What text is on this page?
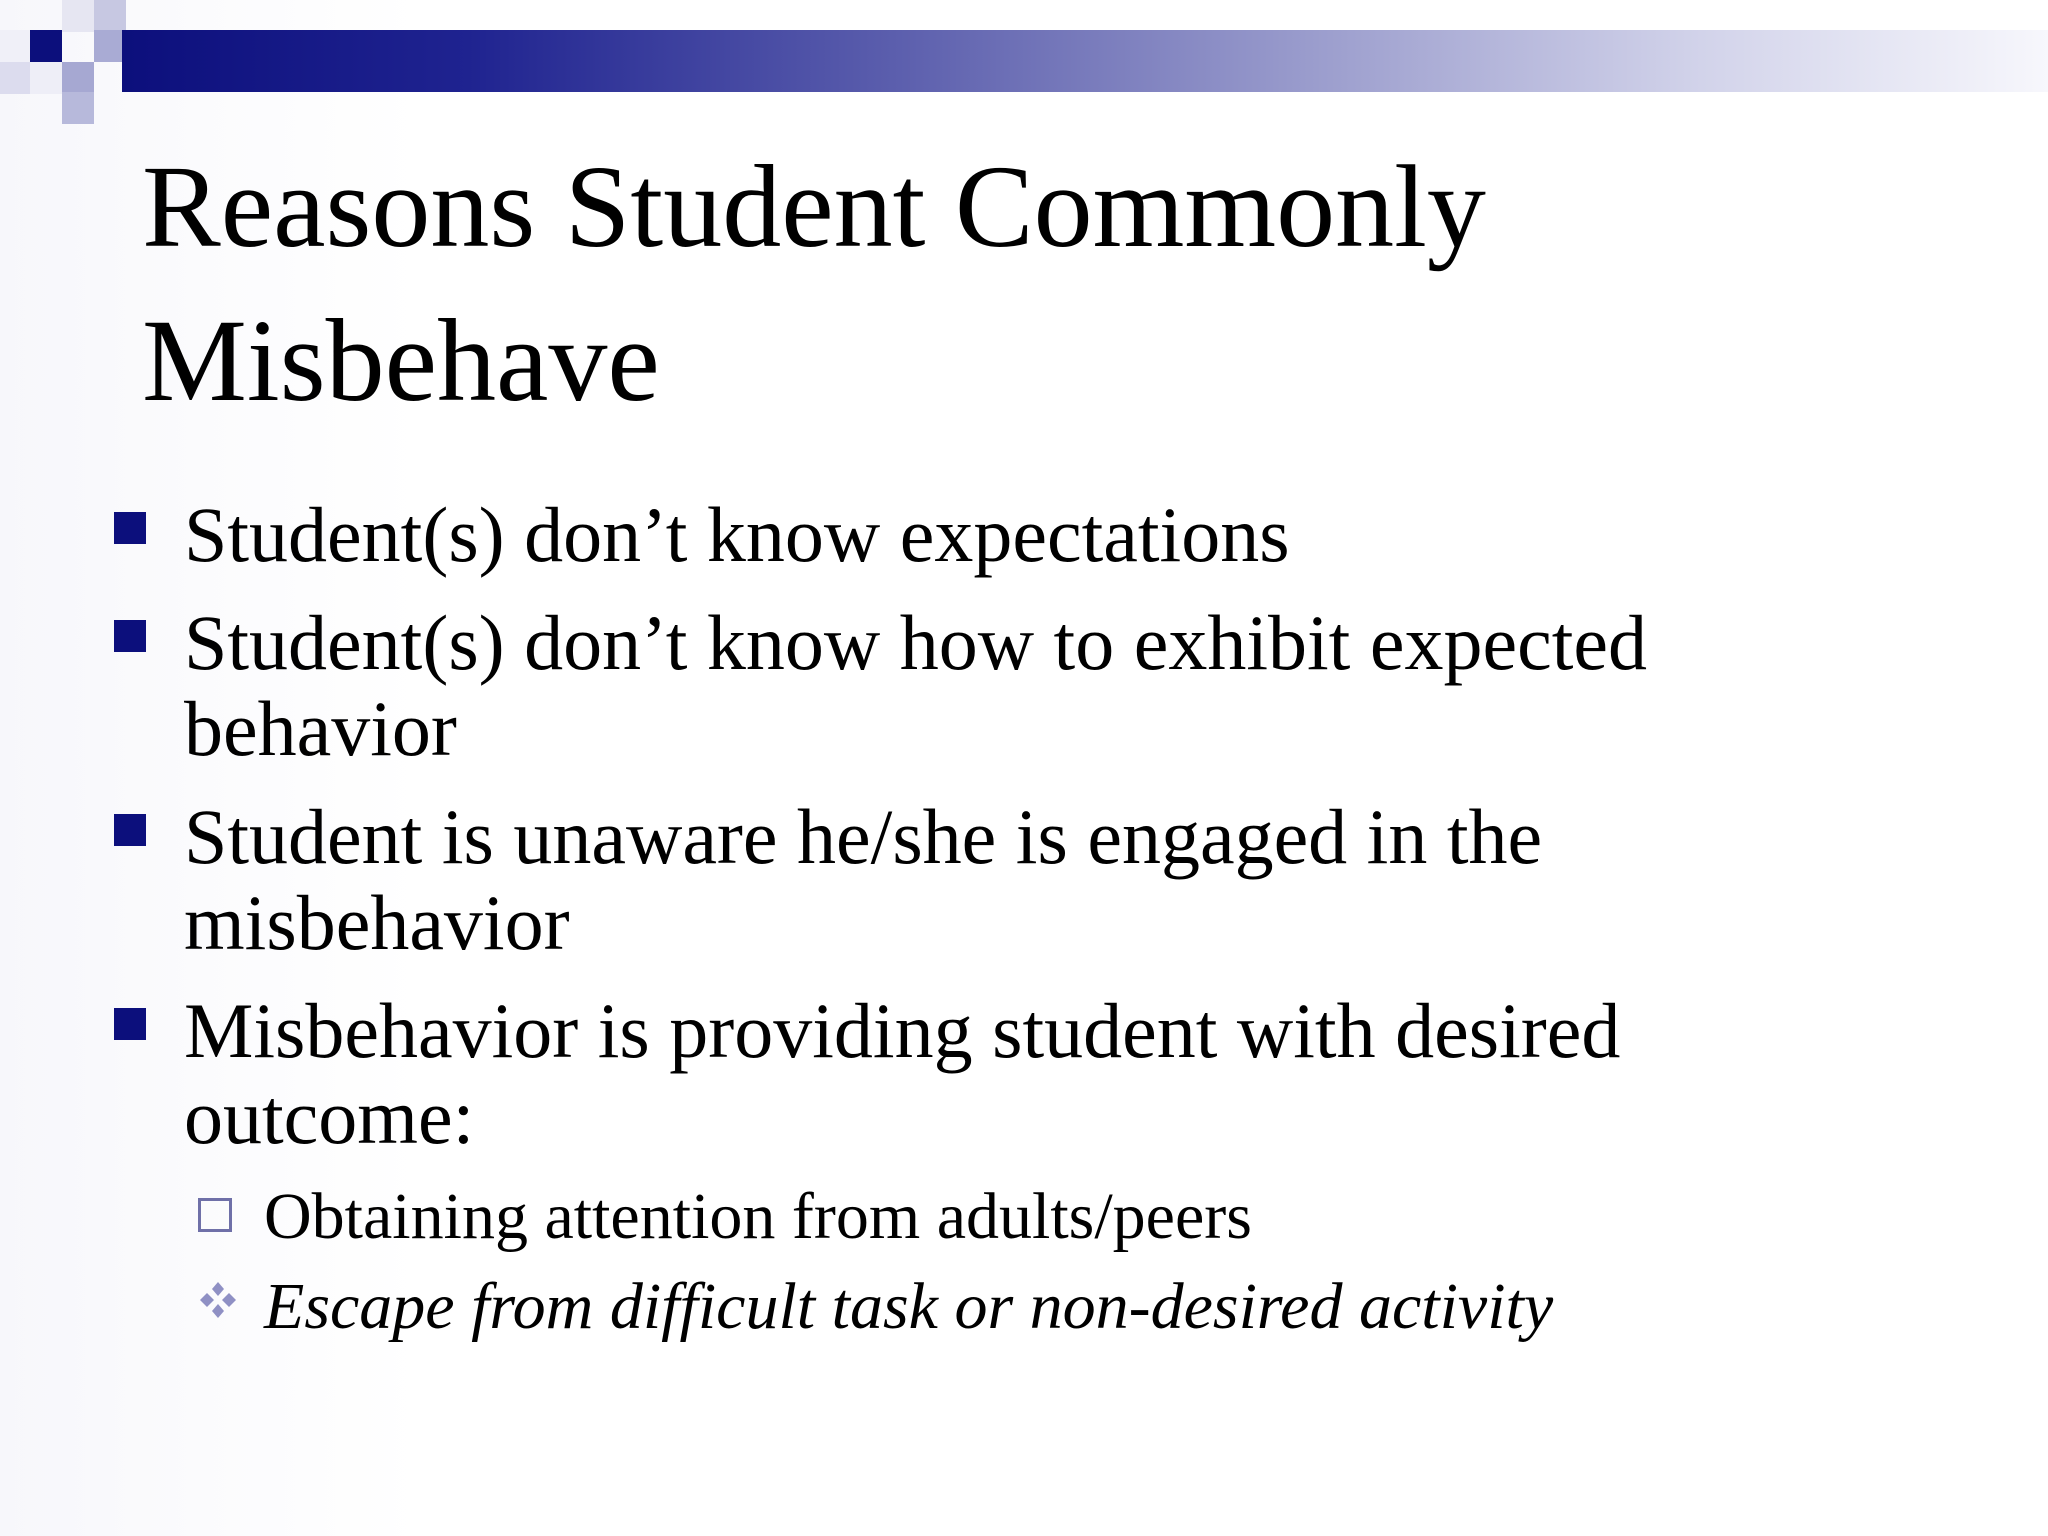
Reasons Student Commonly Misbehave
Student(s) don’t know expectations
Student(s) don’t know how to exhibit expected behavior
Student is unaware he/she is engaged in the misbehavior
Misbehavior is providing student with desired outcome:
Obtaining attention from adults/peers
Escape from difficult task or non-desired activity
